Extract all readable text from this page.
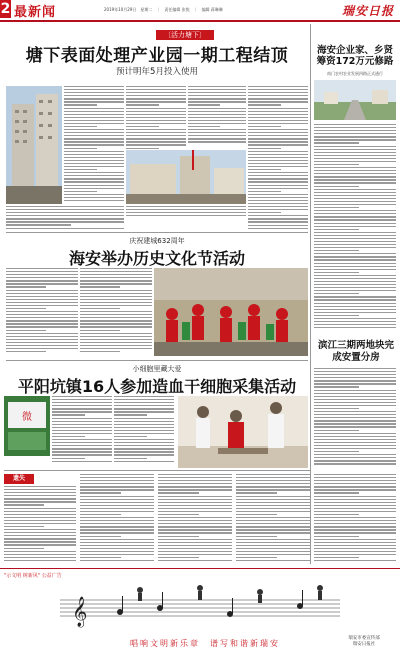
2 最新闻	2019年10月29日　星期二　｜　责任编辑 张悦　｜　编辑 蒋琳琳	瑞安日报
〔活力塘下〕
塘下表面处理产业园一期工程结顶
预计明年5月投入使用
海安企业家、乡贤筹资172万元修路
南门农村农业发展四路正式通行
滨江三期两地块完成安置分房
庆祝建城632周年
海安举办历史文化节活动
小细胞里藏大爱
平阳坑镇16人参加造血干细胞采集活动
微
遗失
𝄞
"示文明 树新风" 公益广告
唱响文明新乐章　谱写和谐新瑞安
瑞安市委宣传部
瑞安日报社
